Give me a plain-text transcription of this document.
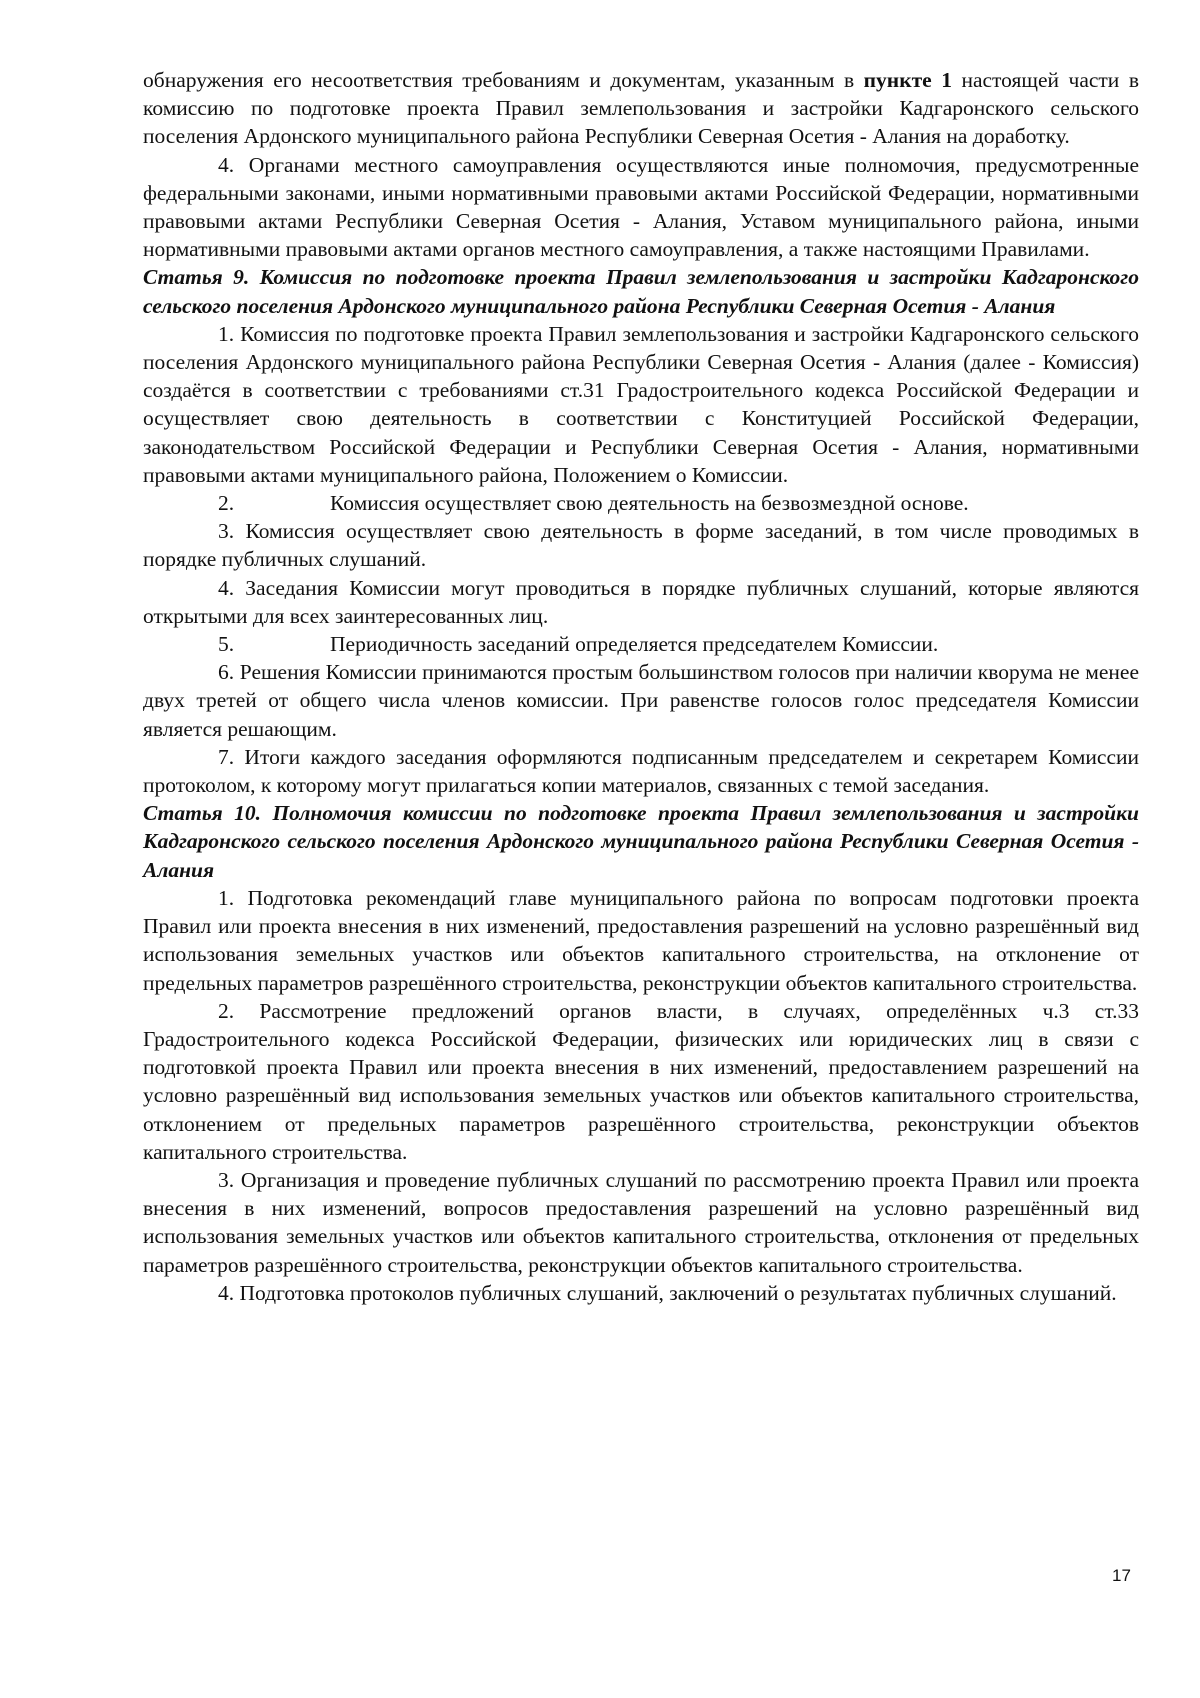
обнаружения его несоответствия требованиям и документам, указанным в пункте 1 настоящей части в комиссию по подготовке проекта Правил землепользования и застройки Кадгаронского сельского поселения Ардонского муниципального района Республики Северная Осетия - Алания на доработку.

4. Органами местного самоуправления осуществляются иные полномочия, предусмотренные федеральными законами, иными нормативными правовыми актами Российской Федерации, нормативными правовыми актами Республики Северная Осетия - Алания, Уставом муниципального района, иными нормативными правовыми актами органов местного самоуправления, а также настоящими Правилами.

Статья 9. Комиссия по подготовке проекта Правил землепользования и застройки Кадгаронского сельского поселения Ардонского муниципального района Республики Северная Осетия - Алания

1. Комиссия по подготовке проекта Правил землепользования и застройки Кадгаронского сельского поселения Ардонского муниципального района Республики Северная Осетия - Алания (далее - Комиссия) создаётся в соответствии с требованиями ст.31 Градостроительного кодекса Российской Федерации и осуществляет свою деятельность в соответствии с Конституцией Российской Федерации, законодательством Российской Федерации и Республики Северная Осетия - Алания, нормативными правовыми актами муниципального района, Положением о Комиссии.

2.	Комиссия осуществляет свою деятельность на безвозмездной основе.

3. Комиссия осуществляет свою деятельность в форме заседаний, в том числе проводимых в порядке публичных слушаний.

4. Заседания Комиссии могут проводиться в порядке публичных слушаний, которые являются открытыми для всех заинтересованных лиц.

5.	Периодичность заседаний определяется председателем Комиссии.

6. Решения Комиссии принимаются простым большинством голосов при наличии кворума не менее двух третей от общего числа членов комиссии. При равенстве голосов голос председателя Комиссии является решающим.

7. Итоги каждого заседания оформляются подписанным председателем и секретарем Комиссии протоколом, к которому могут прилагаться копии материалов, связанных с темой заседания.

Статья 10. Полномочия комиссии по подготовке проекта Правил землепользования и застройки Кадгаронского сельского поселения Ардонского муниципального района Республики Северная Осетия - Алания

1. Подготовка рекомендаций главе муниципального района по вопросам подготовки проекта Правил или проекта внесения в них изменений, предоставления разрешений на условно разрешённый вид использования земельных участков или объектов капитального строительства, на отклонение от предельных параметров разрешённого строительства, реконструкции объектов капитального строительства.

2. Рассмотрение предложений органов власти, в случаях, определённых ч.3 ст.33 Градостроительного кодекса Российской Федерации, физических или юридических лиц в связи с подготовкой проекта Правил или проекта внесения в них изменений, предоставлением разрешений на условно разрешённый вид использования земельных участков или объектов капитального строительства, отклонением от предельных параметров разрешённого строительства, реконструкции объектов капитального строительства.

3. Организация и проведение публичных слушаний по рассмотрению проекта Правил или проекта внесения в них изменений, вопросов предоставления разрешений на условно разрешённый вид использования земельных участков или объектов капитального строительства, отклонения от предельных параметров разрешённого строительства, реконструкции объектов капитального строительства.

4. Подготовка протоколов публичных слушаний, заключений о результатах публичных слушаний.

17
